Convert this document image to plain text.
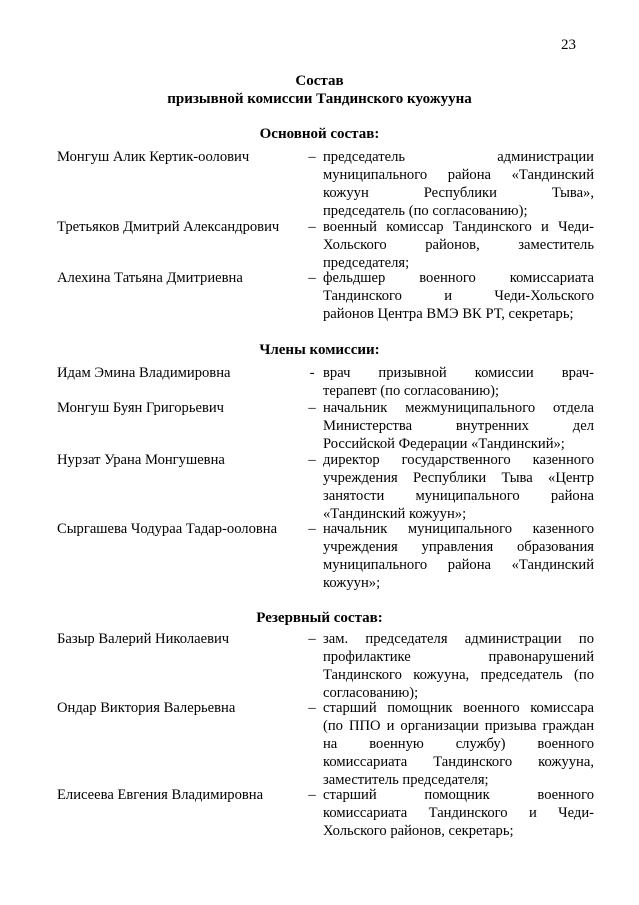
23
Состав
призывной комиссии Тандинского куожууна
Основной состав:
Монгуш Алик Кертик-оолович	– председатель администрации
муниципального района «Тандинский
кожуун Республики Тыва»,
председатель (по согласованию);
Третьяков Дмитрий Александрович	– военный комиссар Тандинского и Чеди-
Хольского районов, заместитель
председателя;
Алехина Татьяна Дмитриевна	– фельдшер военного комиссариата
Тандинского и Чеди-Хольского
районов Центра ВМЭ ВК РТ, секретарь;
Члены комиссии:
Идам Эмина Владимировна	- врач призывной комиссии врач-
терапевт (по согласованию);
Монгуш Буян Григорьевич	– начальник межмуниципального отдела
Министерства внутренних дел
Российской Федерации «Тандинский»;
Нурзат Урана Монгушевна	– директор государственного казенного
учреждения Республики Тыва «Центр
занятости муниципального района
«Тандинский кожуун»;
Сыргашева Чодураа Тадар-ооловна	– начальник муниципального казенного
учреждения управления образования
муниципального района «Тандинский
кожуун»;
Резервный состав:
Базыр Валерий Николаевич	– зам. председателя администрации по
профилактике правонарушений
Тандинского кожууна, председатель (по
согласованию);
Ондар Виктория Валерьевна	– старший помощник военного комиссара
(по ППО и организации призыва граждан
на военную службу) военного
комиссариата Тандинского кожууна,
заместитель председателя;
Елисеева Евгения Владимировна	– старший помощник военного
комиссариата Тандинского и Чеди-
Хольского районов, секретарь;
